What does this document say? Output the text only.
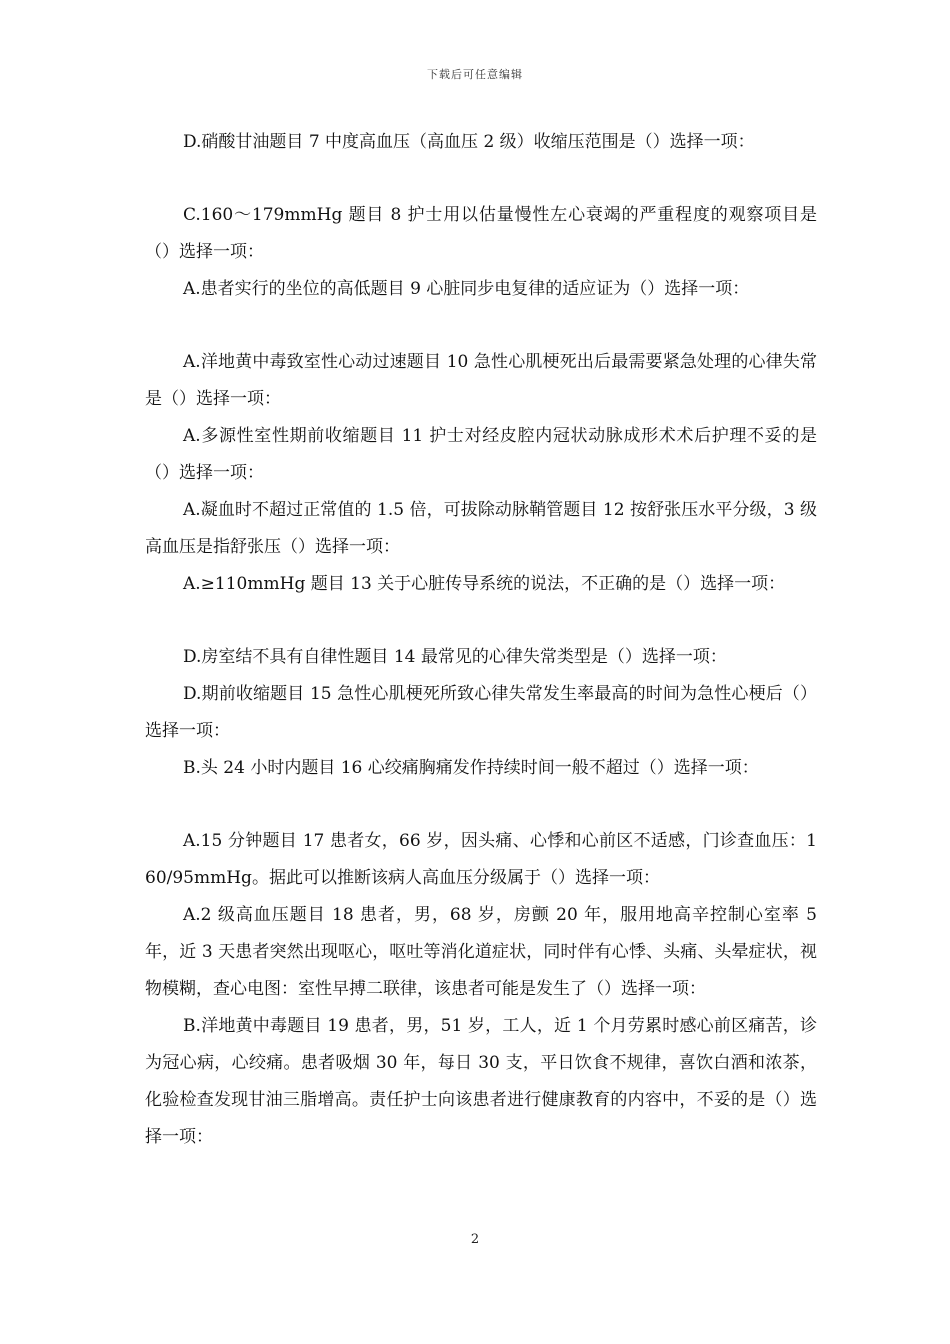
下载后可任意编辑

D.硝酸甘油题目 7 中度高血压（高血压 2 级）收缩压范围是（）选择一项：

C.160～179mmHg 题目 8 护士用以估量慢性左心衰竭的严重程度的观察项目是（）选择一项：

A.患者实行的坐位的高低题目 9 心脏同步电复律的适应证为（）选择一项：

A.洋地黄中毒致室性心动过速题目 10 急性心肌梗死出后最需要紧急处理的心律失常是（）选择一项：

A.多源性室性期前收缩题目 11 护士对经皮腔内冠状动脉成形术术后护理不妥的是（）选择一项：

A.凝血时不超过正常值的 1.5 倍，可拔除动脉鞘管题目 12 按舒张压水平分级，3 级高血压是指舒张压（）选择一项：

A.≥110mmHg 题目 13 关于心脏传导系统的说法，不正确的是（）选择一项：

D.房室结不具有自律性题目 14 最常见的心律失常类型是（）选择一项：

D.期前收缩题目 15 急性心肌梗死所致心律失常发生率最高的时间为急性心梗后（）选择一项：

B.头 24 小时内题目 16 心绞痛胸痛发作持续时间一般不超过（）选择一项：

A.15 分钟题目 17 患者女，66 岁，因头痛、心悸和心前区不适感，门诊查血压：160/95mmHg。据此可以推断该病人高血压分级属于（）选择一项：

A.2 级高血压题目 18 患者，男，68 岁，房颤 20 年，服用地高辛控制心室率 5 年，近 3 天患者突然出现呕心，呕吐等消化道症状，同时伴有心悸、头痛、头晕症状，视物模糊，查心电图：室性早搏二联律，该患者可能是发生了（）选择一项：

B.洋地黄中毒题目 19 患者，男，51 岁，工人，近 1 个月劳累时感心前区痛苦，诊为冠心病，心绞痛。患者吸烟 30 年，每日 30 支，平日饮食不规律，喜饮白酒和浓茶，化验检查发现甘油三脂增高。责任护士向该患者进行健康教育的内容中，不妥的是（）选择一项：

2
